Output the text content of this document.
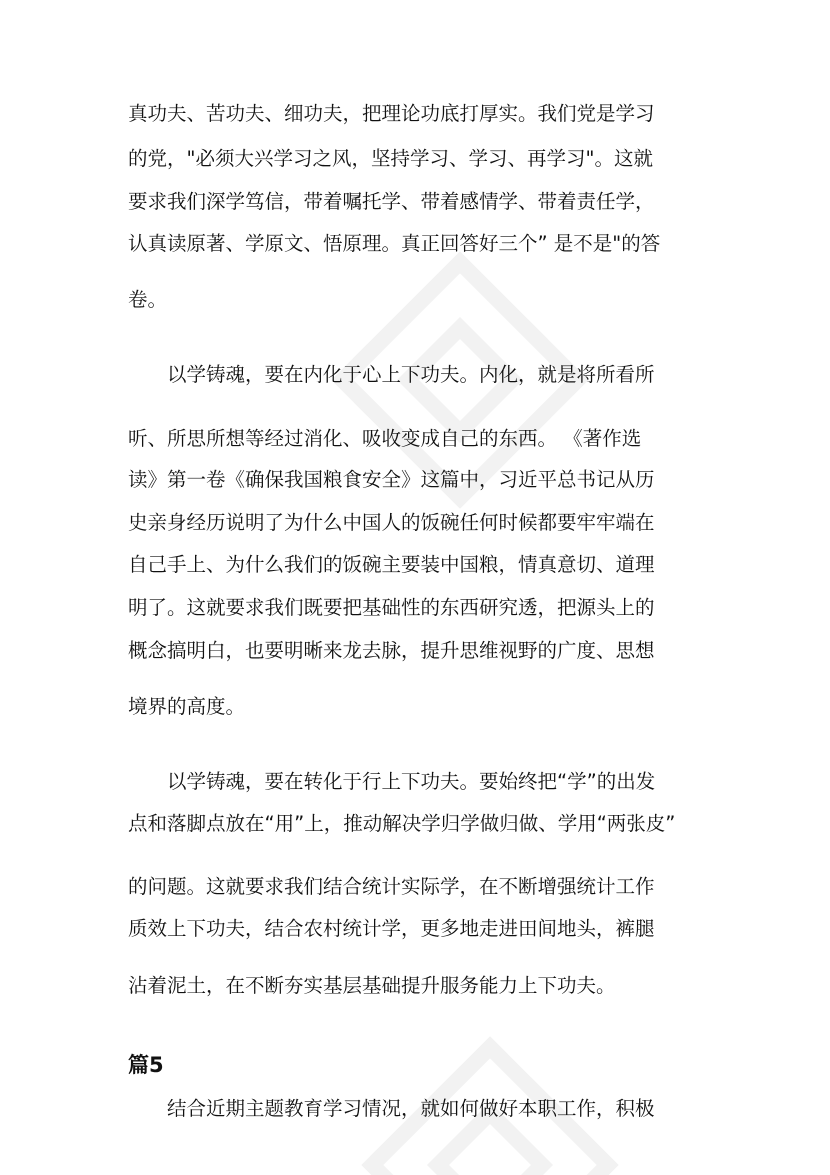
真功夫、苦功夫、细功夫，把理论功底打厚实。我们党是学习
的党，"必须大兴学习之风，坚持学习、学习、再学习"。这就
要求我们深学笃信，带着嘱托学、带着感情学、带着责任学，
认真读原著、学原文、悟原理。真正回答好三个” 是不是"的答
卷。
以学铸魂，要在内化于心上下功夫。内化，就是将所看所
听、所思所想等经过消化、吸收变成自己的东西。 《著作选
读》第一卷《确保我国粮食安全》这篇中，习近平总书记从历
史亲身经历说明了为什么中国人的饭碗任何时候都要牢牢端在
自己手上、为什么我们的饭碗主要装中国粮，情真意切、道理
明了。这就要求我们既要把基础性的东西研究透，把源头上的
概念搞明白，也要明晰来龙去脉，提升思维视野的广度、思想
境界的高度。
以学铸魂，要在转化于行上下功夫。要始终把“学”的出发
点和落脚点放在“用”上，推动解决学归学做归做、学用“两张皮”
的问题。这就要求我们结合统计实际学，在不断增强统计工作
质效上下功夫，结合农村统计学，更多地走进田间地头，裤腿
沾着泥土，在不断夯实基层基础提升服务能力上下功夫。
篇5
结合近期主题教育学习情况，就如何做好本职工作，积极
